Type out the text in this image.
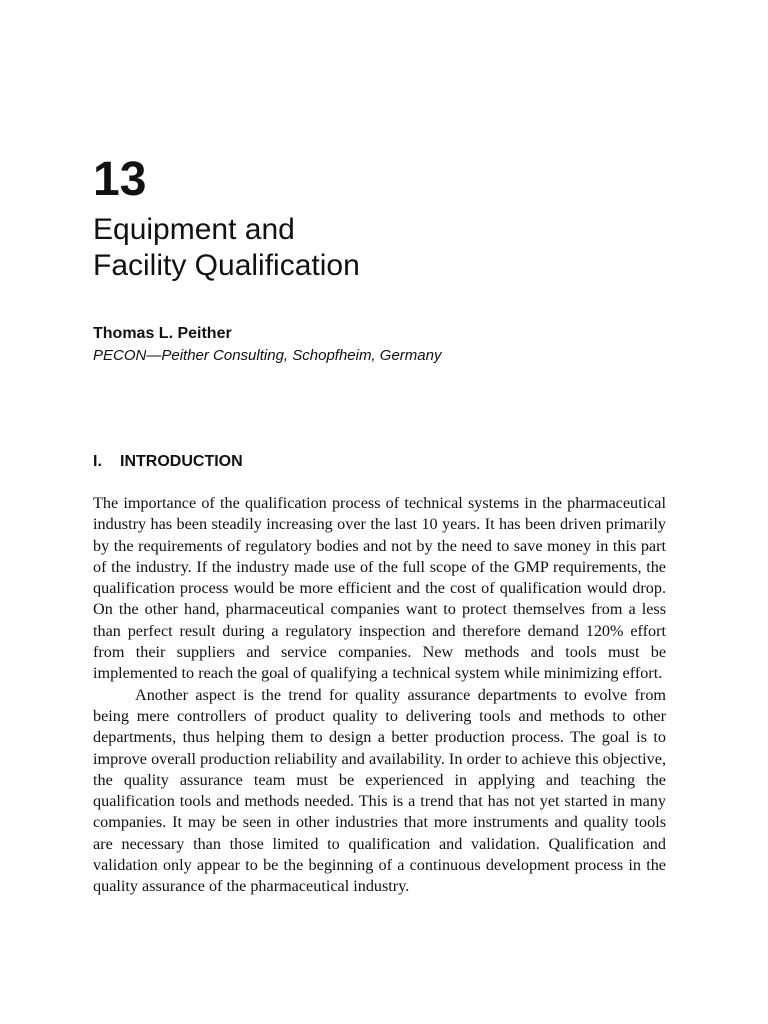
13
Equipment and
Facility Qualification
Thomas L. Peither
PECON—Peither Consulting, Schopfheim, Germany
I. INTRODUCTION

The importance of the qualification process of technical systems in the pharmaceutical industry has been steadily increasing over the last 10 years. It has been driven primarily by the requirements of regulatory bodies and not by the need to save money in this part of the industry. If the industry made use of the full scope of the GMP requirements, the qualification process would be more efficient and the cost of qualification would drop. On the other hand, pharmaceutical companies want to protect themselves from a less than perfect result during a regulatory inspection and therefore demand 120% effort from their suppliers and service companies. New methods and tools must be implemented to reach the goal of qualifying a technical system while minimizing effort.

Another aspect is the trend for quality assurance departments to evolve from being mere controllers of product quality to delivering tools and methods to other departments, thus helping them to design a better production process. The goal is to improve overall production reliability and availability. In order to achieve this objective, the quality assurance team must be experienced in applying and teaching the qualification tools and methods needed. This is a trend that has not yet started in many companies. It may be seen in other industries that more instruments and quality tools are necessary than those limited to qualification and validation. Qualification and validation only appear to be the beginning of a continuous development process in the quality assurance of the pharmaceutical industry.
